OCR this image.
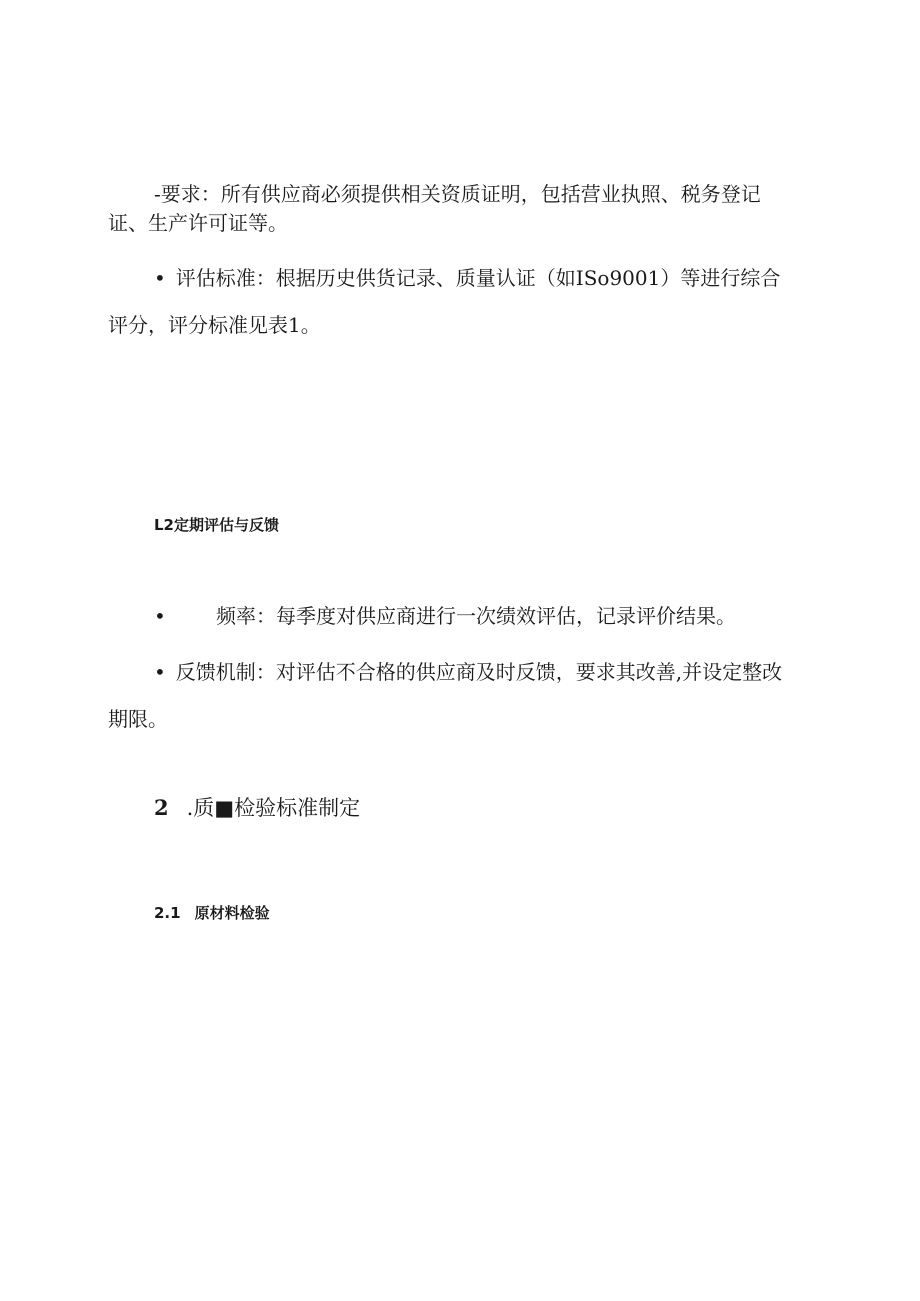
-要求：所有供应商必须提供相关资质证明，包括营业执照、税务登记证、生产许可证等。

• 评估标准：根据历史供货记录、质量认证（如ISo9001）等进行综合评分，评分标准见表1。

L2定期评估与反馈
•	频率：每季度对供应商进行一次绩效评估，记录评价结果。

• 反馈机制：对评估不合格的供应商及时反馈，要求其改善,并设定整改期限。

2 .质■检验标准制定
2.1 原材料检验
